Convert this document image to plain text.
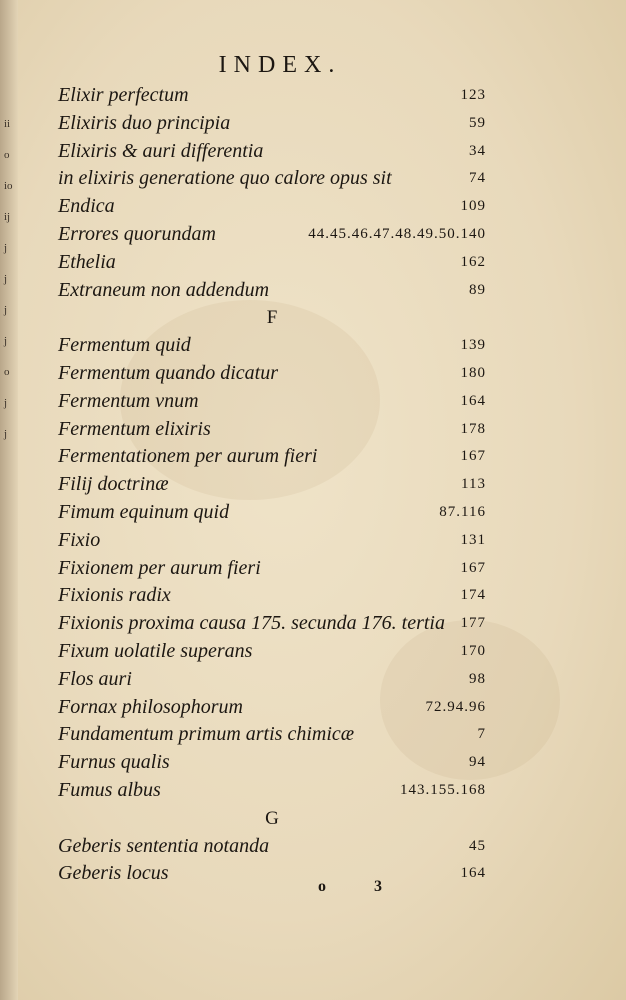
ii
o
io
ij
j
j
j
j
o
j
j
INDEX.
Elixir perfectum	123
Elixiris duo principia	59
Elixiris & auri differentia	34
in elixiris generatione quo calore opus sit	74
Endica	109
Errores quorundam	44.45.46.47.48.49.50.140
Ethelia	162
Extraneum non addendum	89
F
Fermentum quid	139
Fermentum quando dicatur	180
Fermentum vnum	164
Fermentum elixiris	178
Fermentationem per aurum fieri	167
Filij doctrinæ	113
Fimum equinum quid	87.116
Fixio	131
Fixionem per aurum fieri	167
Fixionis radix	174
Fixionis proxima causa 175. secunda 176. tertia 177
Fixum uolatile superans	170
Flos auri	98
Fornax philosophorum	72.94.96
Fundamentum primum artis chimicæ	7
Furnus qualis	94
Fumus albus	143.155.168
G
Geberis sententia notanda	45
Geberis locus	164
o 3
